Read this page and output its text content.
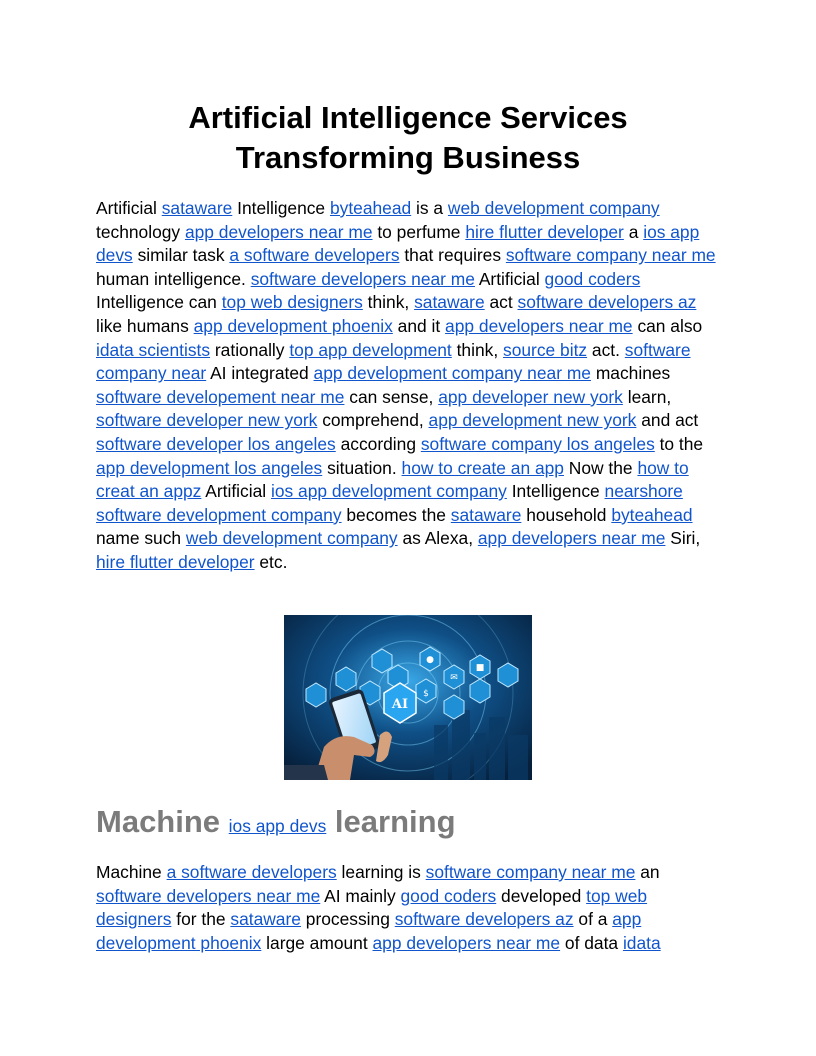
Artificial Intelligence Services
Transforming Business

Artificial sataware Intelligence byteahead is a web development company technology app developers near me to perfume hire flutter developer a ios app devs similar task a software developers that requires software company near me human intelligence. software developers near me Artificial good coders Intelligence can top web designers think, sataware act software developers az like humans app development phoenix and it app developers near me can also idata scientists rationally top app development think, source bitz act. software company near AI integrated app development company near me machines software developement near me can sense, app developer new york learn, software developer new york comprehend, app development new york and act software developer los angeles according software company los angeles to the app development los angeles situation. how to create an app Now the how to creat an appz Artificial ios app development company Intelligence nearshore software development company becomes the sataware household byteahead name such web development company as Alexa, app developers near me Siri, hire flutter developer etc.

AI
$
●
■
✉
Machine ios app devs learning

Machine a software developers learning is software company near me an software developers near me AI mainly good coders developed top web designers for the sataware processing software developers az of a app development phoenix large amount app developers near me of data idata
